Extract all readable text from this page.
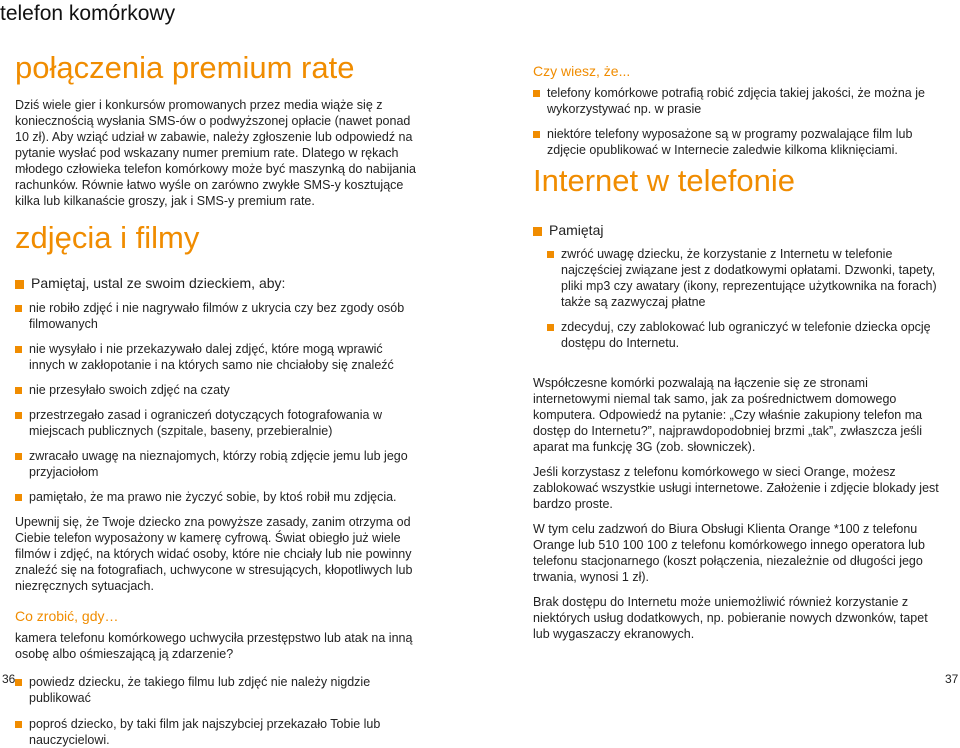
telefon komórkowy
połączenia premium rate

Dziś wiele gier i konkursów promowanych przez media wiąże się z koniecznością wysłania SMS-ów o podwyższonej opłacie (nawet ponad 10 zł). Aby wziąć udział w zabawie, należy zgłoszenie lub odpowiedź na pytanie wysłać pod wskazany numer premium rate. Dlatego w rękach młodego człowieka telefon komórkowy może być maszynką do nabijania rachunków. Równie łatwo wyśle on zarówno zwykłe SMS-y kosztujące kilka lub kilkanaście groszy, jak i SMS-y premium rate.

zdjęcia i filmy
Pamiętaj, ustal ze swoim dzieckiem, aby:
nie robiło zdjęć i nie nagrywało filmów z ukrycia czy bez zgody osób filmowanych
nie wysyłało i nie przekazywało dalej zdjęć, które mogą wprawić innych w zakłopotanie i na których samo nie chciałoby się znaleźć
nie przesyłało swoich zdjęć na czaty
przestrzegało zasad i ograniczeń dotyczących fotografowania w miejscach publicznych (szpitale, baseny, przebieralnie)
zwracało uwagę na nieznajomych, którzy robią zdjęcie jemu lub jego przyjaciołom
pamiętało, że ma prawo nie życzyć sobie, by ktoś robił mu zdjęcia.

Upewnij się, że Twoje dziecko zna powyższe zasady, zanim otrzyma od Ciebie telefon wyposażony w kamerę cyfrową. Świat obiegło już wiele filmów i zdjęć, na których widać osoby, które nie chciały lub nie powinny znaleźć się na fotografiach, uchwycone w stresujących, kłopotliwych lub niezręcznych sytuacjach.

Co zrobić, gdy…

kamera telefonu komórkowego uchwyciła przestępstwo lub atak na inną osobę albo ośmieszającą ją zdarzenie?

powiedz dziecku, że takiego filmu lub zdjęć nie należy nigdzie publikować
poproś dziecko, by taki film jak najszybciej przekazało Tobie lub nauczycielowi.
36
Czy wiesz, że...
telefony komórkowe potrafią robić zdjęcia takiej jakości, że można je wykorzystywać np. w prasie
niektóre telefony wyposażone są w programy pozwalające film lub zdjęcie opublikować w Internecie zaledwie kilkoma kliknięciami.
Internet w telefonie
Pamiętaj
zwróć uwagę dziecku, że korzystanie z Internetu w telefonie najczęściej związane jest z dodatkowymi opłatami. Dzwonki, tapety, pliki mp3 czy awatary (ikony, reprezentujące użytkownika na forach) także są zazwyczaj płatne
zdecyduj, czy zablokować lub ograniczyć w telefonie dziecka opcję dostępu do Internetu.

Współczesne komórki pozwalają na łączenie się ze stronami internetowymi niemal tak samo, jak za pośrednictwem domowego komputera. Odpowiedź na pytanie: „Czy właśnie zakupiony telefon ma dostęp do Internetu?”, najprawdopodobniej brzmi „tak”, zwłaszcza jeśli aparat ma funkcję 3G (zob. słowniczek).

Jeśli korzystasz z telefonu komórkowego w sieci Orange, możesz zablokować wszystkie usługi internetowe. Założenie i zdjęcie blokady jest bardzo proste.

W tym celu zadzwoń do Biura Obsługi Klienta Orange *100 z telefonu Orange lub 510 100 100 z telefonu komórkowego innego operatora lub telefonu stacjonarnego (koszt połączenia, niezależnie od długości jego trwania, wynosi 1 zł).

Brak dostępu do Internetu może uniemożliwić również korzystanie z niektórych usług dodatkowych, np. pobieranie nowych dzwonków, tapet lub wygaszaczy ekranowych.

37
